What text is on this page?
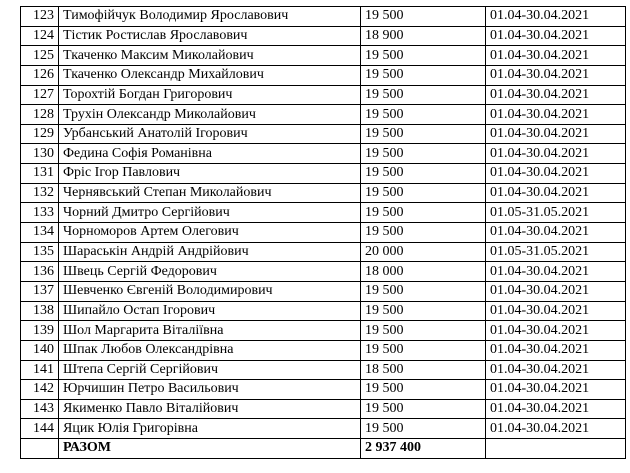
123	Тимофійчук Володимир Ярославович	19 500	01.04-30.04.2021
124	Тістик Ростислав Ярославович	18 900	01.04-30.04.2021
125	Ткаченко Максим Миколайович	19 500	01.04-30.04.2021
126	Ткаченко Олександр Михайлович	19 500	01.04-30.04.2021
127	Торохтій Богдан Григорович	19 500	01.04-30.04.2021
128	Трухін Олександр Миколайович	19 500	01.04-30.04.2021
129	Урбанський Анатолій Ігорович	19 500	01.04-30.04.2021
130	Федина Софія Романівна	19 500	01.04-30.04.2021
131	Фріс Ігор Павлович	19 500	01.04-30.04.2021
132	Чернявський Степан Миколайович	19 500	01.04-30.04.2021
133	Чорний Дмитро Сергійович	19 500	01.05-31.05.2021
134	Чорноморов Артем Олегович	19 500	01.04-30.04.2021
135	Шараськін Андрій Андрійович	20 000	01.05-31.05.2021
136	Швець Сергій Федорович	18 000	01.04-30.04.2021
137	Шевченко Євгеній Володимирович	19 500	01.04-30.04.2021
138	Шипайло Остап Ігорович	19 500	01.04-30.04.2021
139	Шол Маргарита Віталіївна	19 500	01.04-30.04.2021
140	Шпак Любов Олександрівна	19 500	01.04-30.04.2021
141	Штепа Сергій Сергійович	18 500	01.04-30.04.2021
142	Юрчишин Петро Васильович	19 500	01.04-30.04.2021
143	Якименко Павло Віталійович	19 500	01.04-30.04.2021
144	Яцик Юлія Григорівна	19 500	01.04-30.04.2021
	РАЗОМ	2 937 400	
